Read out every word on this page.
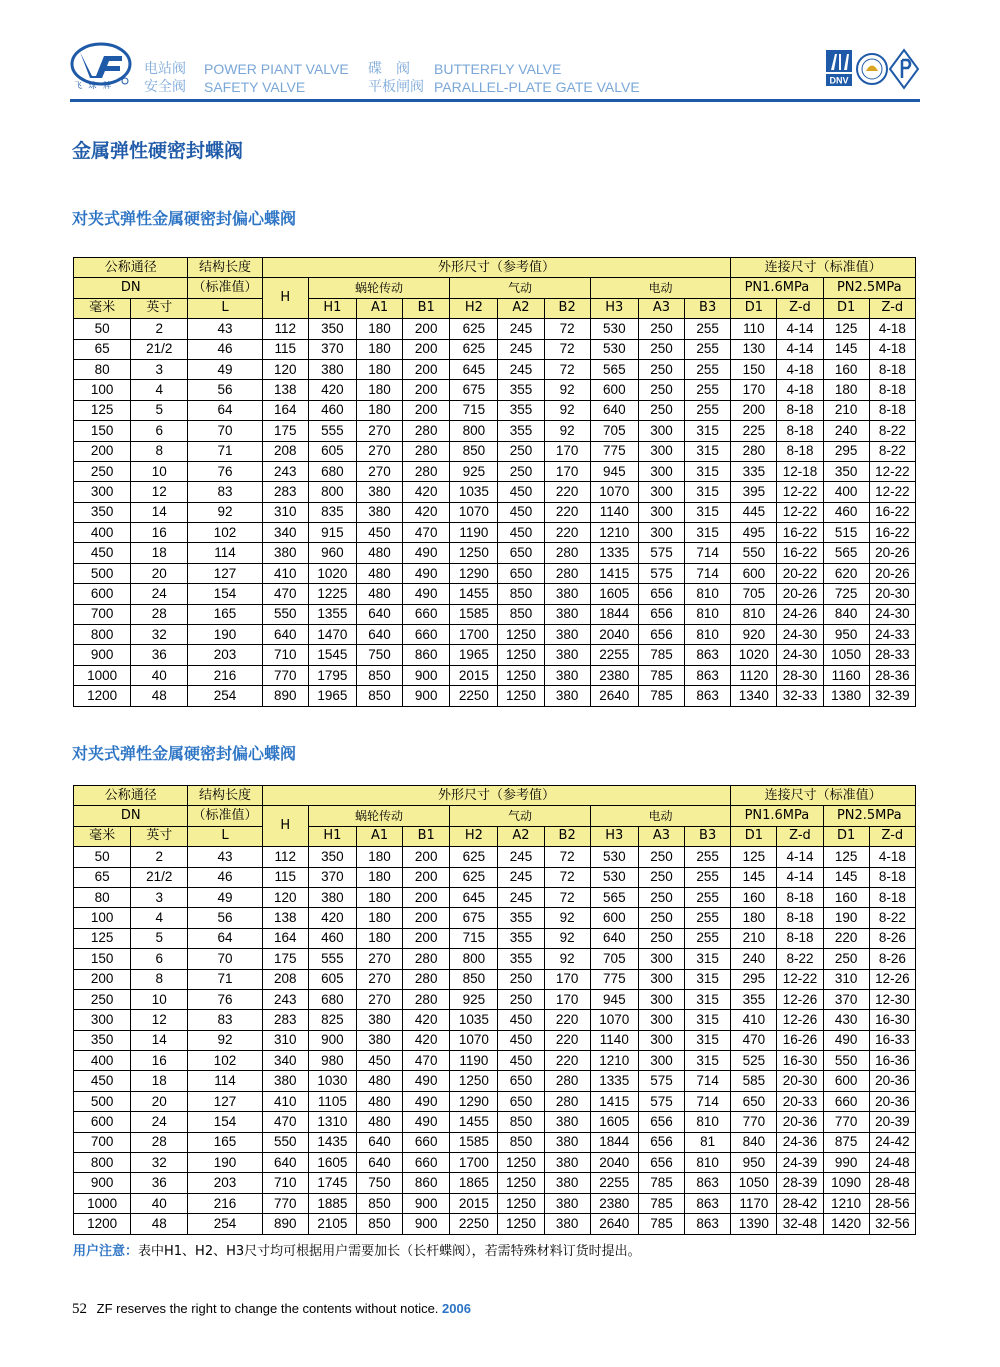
飞 球 牌
电站阀
安全阀
POWER PIANT VALVE
SAFETY VALVE
碟　阀
平板闸阀
BUTTERFLY VALVE
PARALLEL-PLATE GATE VALVE	DNV
金属弹性硬密封蝶阀
对夹式弹性金属硬密封偏心蝶阀
公称通径		结构长度	外形尺寸（参考值）										连接尺寸（标准值）			
DN		（标准值）	H	蜗轮传动			气动			电动			PN1.6MPa		PN2.5MPa	
毫米	英寸	L		H1	A1	B1	H2	A2	B2	H3	A3	B3	D1	Z-d	D1	Z-d
50	2	43	112	350	180	200	625	245	72	530	250	255	110	4-14	125	4-18
65	21/2	46	115	370	180	200	625	245	72	530	250	255	130	4-14	145	4-18
80	3	49	120	380	180	200	645	245	72	565	250	255	150	4-18	160	8-18
100	4	56	138	420	180	200	675	355	92	600	250	255	170	4-18	180	8-18
125	5	64	164	460	180	200	715	355	92	640	250	255	200	8-18	210	8-18
150	6	70	175	555	270	280	800	355	92	705	300	315	225	8-18	240	8-22
200	8	71	208	605	270	280	850	250	170	775	300	315	280	8-18	295	8-22
250	10	76	243	680	270	280	925	250	170	945	300	315	335	12-18	350	12-22
300	12	83	283	800	380	420	1035	450	220	1070	300	315	395	12-22	400	12-22
350	14	92	310	835	380	420	1070	450	220	1140	300	315	445	12-22	460	16-22
400	16	102	340	915	450	470	1190	450	220	1210	300	315	495	16-22	515	16-22
450	18	114	380	960	480	490	1250	650	280	1335	575	714	550	16-22	565	20-26
500	20	127	410	1020	480	490	1290	650	280	1415	575	714	600	20-22	620	20-26
600	24	154	470	1225	480	490	1455	850	380	1605	656	810	705	20-26	725	20-30
700	28	165	550	1355	640	660	1585	850	380	1844	656	810	810	24-26	840	24-30
800	32	190	640	1470	640	660	1700	1250	380	2040	656	810	920	24-30	950	24-33
900	36	203	710	1545	750	860	1965	1250	380	2255	785	863	1020	24-30	1050	28-33
1000	40	216	770	1795	850	900	2015	1250	380	2380	785	863	1120	28-30	1160	28-36
1200	48	254	890	1965	850	900	2250	1250	380	2640	785	863	1340	32-33	1380	32-39
对夹式弹性金属硬密封偏心蝶阀
公称通径		结构长度	外形尺寸（参考值）										连接尺寸（标准值）			
DN		（标准值）	H	蜗轮传动			气动			电动			PN1.6MPa		PN2.5MPa	
毫米	英寸	L		H1	A1	B1	H2	A2	B2	H3	A3	B3	D1	Z-d	D1	Z-d
50	2	43	112	350	180	200	625	245	72	530	250	255	125	4-14	125	4-18
65	21/2	46	115	370	180	200	625	245	72	530	250	255	145	4-14	145	8-18
80	3	49	120	380	180	200	645	245	72	565	250	255	160	8-18	160	8-18
100	4	56	138	420	180	200	675	355	92	600	250	255	180	8-18	190	8-22
125	5	64	164	460	180	200	715	355	92	640	250	255	210	8-18	220	8-26
150	6	70	175	555	270	280	800	355	92	705	300	315	240	8-22	250	8-26
200	8	71	208	605	270	280	850	250	170	775	300	315	295	12-22	310	12-26
250	10	76	243	680	270	280	925	250	170	945	300	315	355	12-26	370	12-30
300	12	83	283	825	380	420	1035	450	220	1070	300	315	410	12-26	430	16-30
350	14	92	310	900	380	420	1070	450	220	1140	300	315	470	16-26	490	16-33
400	16	102	340	980	450	470	1190	450	220	1210	300	315	525	16-30	550	16-36
450	18	114	380	1030	480	490	1250	650	280	1335	575	714	585	20-30	600	20-36
500	20	127	410	1105	480	490	1290	650	280	1415	575	714	650	20-33	660	20-36
600	24	154	470	1310	480	490	1455	850	380	1605	656	810	770	20-36	770	20-39
700	28	165	550	1435	640	660	1585	850	380	1844	656	81	840	24-36	875	24-42
800	32	190	640	1605	640	660	1700	1250	380	2040	656	810	950	24-39	990	24-48
900	36	203	710	1745	750	860	1865	1250	380	2255	785	863	1050	28-39	1090	28-48
1000	40	216	770	1885	850	900	2015	1250	380	2380	785	863	1170	28-42	1210	28-56
1200	48	254	890	2105	850	900	2250	1250	380	2640	785	863	1390	32-48	1420	32-56
用户注意：表中H1、H2、H3尺寸均可根据用户需要加长（长杆蝶阀），若需特殊材料订货时提出。
52 ZF reserves the right to change the contents without notice. 2006
